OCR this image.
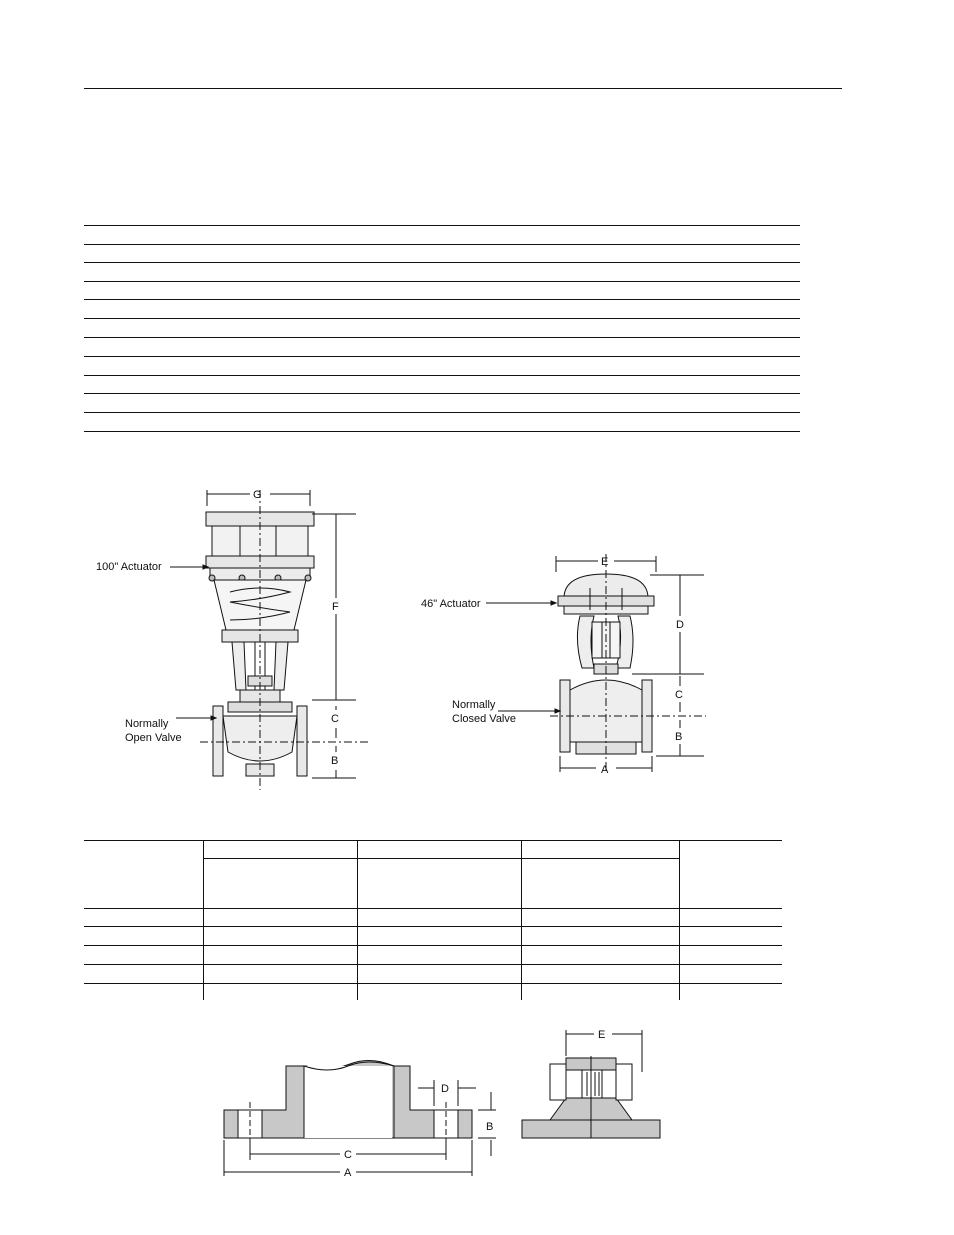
G
F
C
B
E
D
C
B
A
100" Actuator
Normally
Open Valve
46" Actuator
Normally
Closed Valve
D
B
C
A
E
